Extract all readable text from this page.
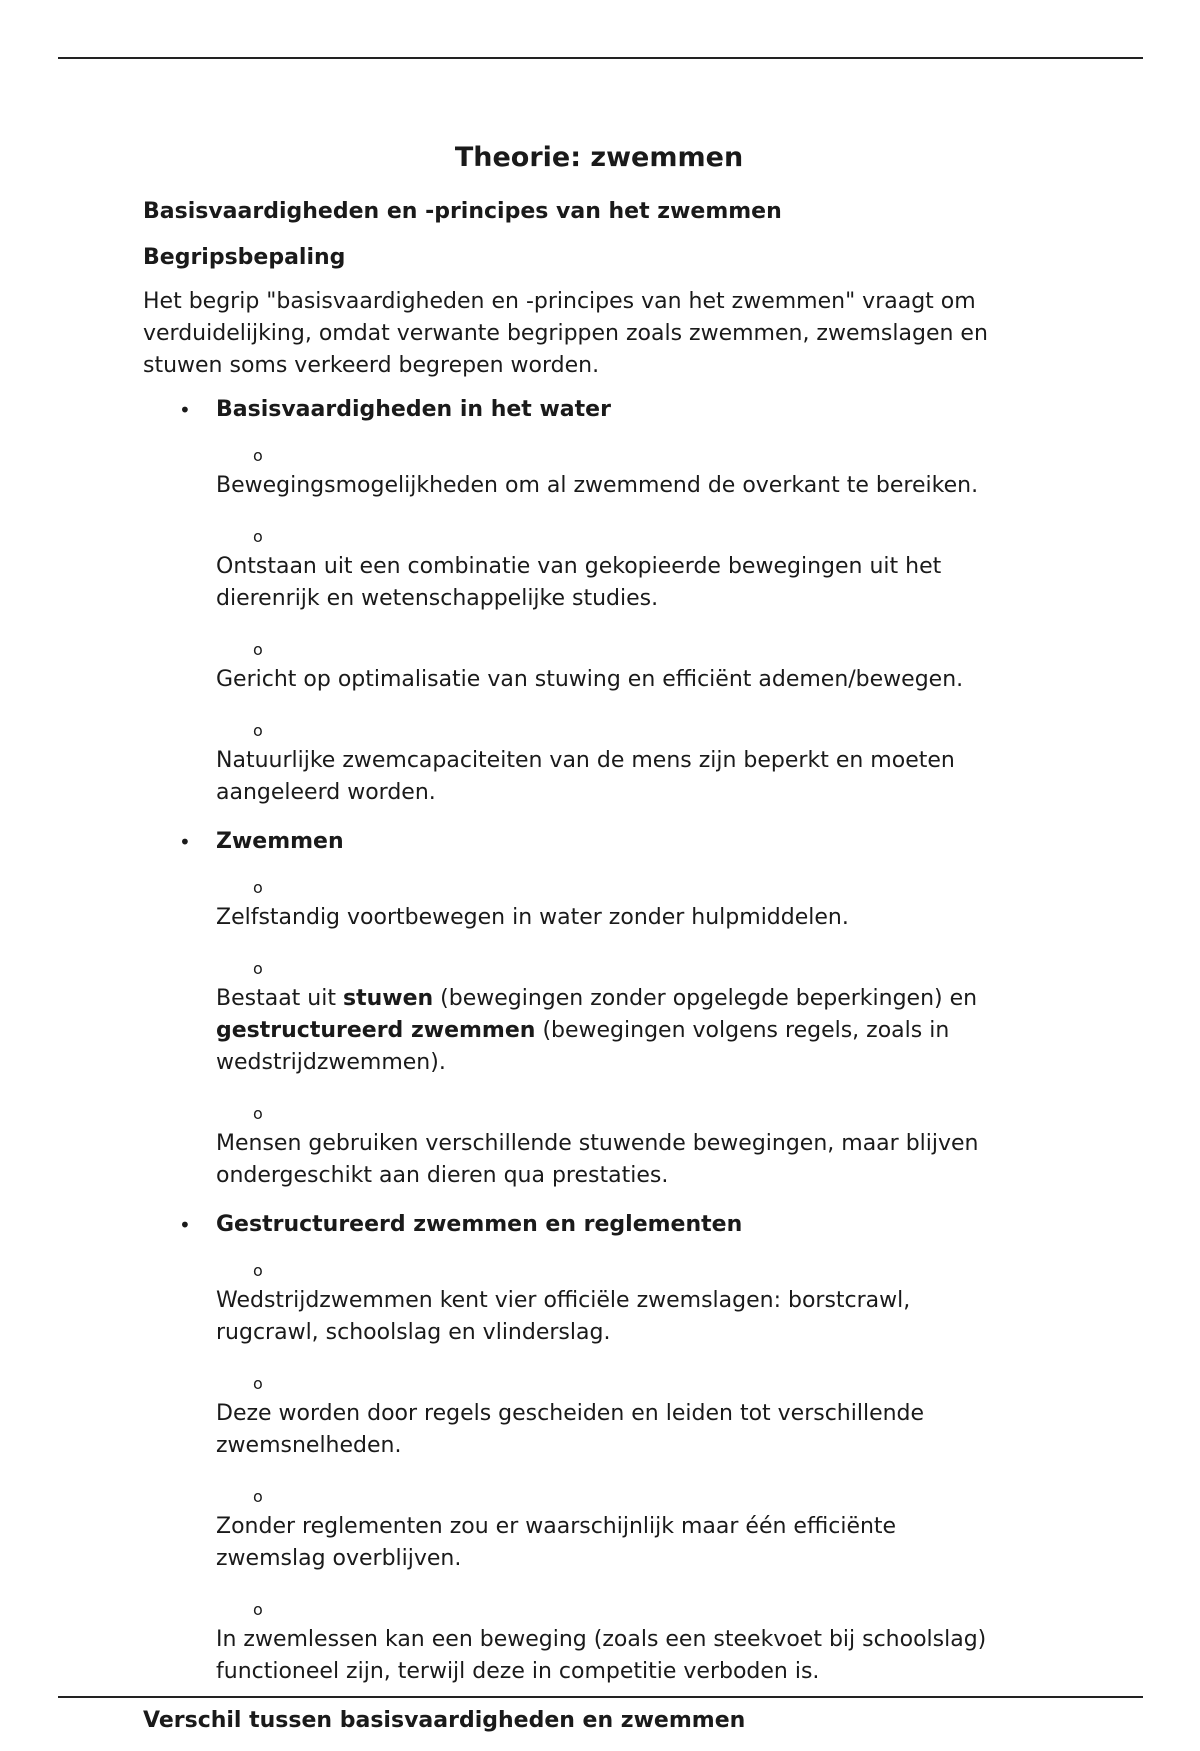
Theorie: zwemmen
Basisvaardigheden en -principes van het zwemmen
Begripsbepaling

Het begrip "basisvaardigheden en -principes van het zwemmen" vraagt om verduidelijking, omdat verwante begrippen zoals zwemmen, zwemslagen en stuwen soms verkeerd begrepen worden.

• Basisvaardigheden in het water
o
Bewegingsmogelijkheden om al zwemmend de overkant te bereiken.
o
Ontstaan uit een combinatie van gekopieerde bewegingen uit het dierenrijk en wetenschappelijke studies.
o
Gericht op optimalisatie van stuwing en efficiënt ademen/bewegen.
o
Natuurlijke zwemcapaciteiten van de mens zijn beperkt en moeten aangeleerd worden.
• Zwemmen
o
Zelfstandig voortbewegen in water zonder hulpmiddelen.
o
Bestaat uit stuwen (bewegingen zonder opgelegde beperkingen) en gestructureerd zwemmen (bewegingen volgens regels, zoals in wedstrijdzwemmen).
o
Mensen gebruiken verschillende stuwende bewegingen, maar blijven ondergeschikt aan dieren qua prestaties.
• Gestructureerd zwemmen en reglementen
o
Wedstrijdzwemmen kent vier officiële zwemslagen: borstcrawl, rugcrawl, schoolslag en vlinderslag.
o
Deze worden door regels gescheiden en leiden tot verschillende zwemsnelheden.
o
Zonder reglementen zou er waarschijnlijk maar één efficiënte zwemslag overblijven.
o
In zwemlessen kan een beweging (zoals een steekvoet bij schoolslag) functioneel zijn, terwijl deze in competitie verboden is.
Verschil tussen basisvaardigheden en zwemmen
